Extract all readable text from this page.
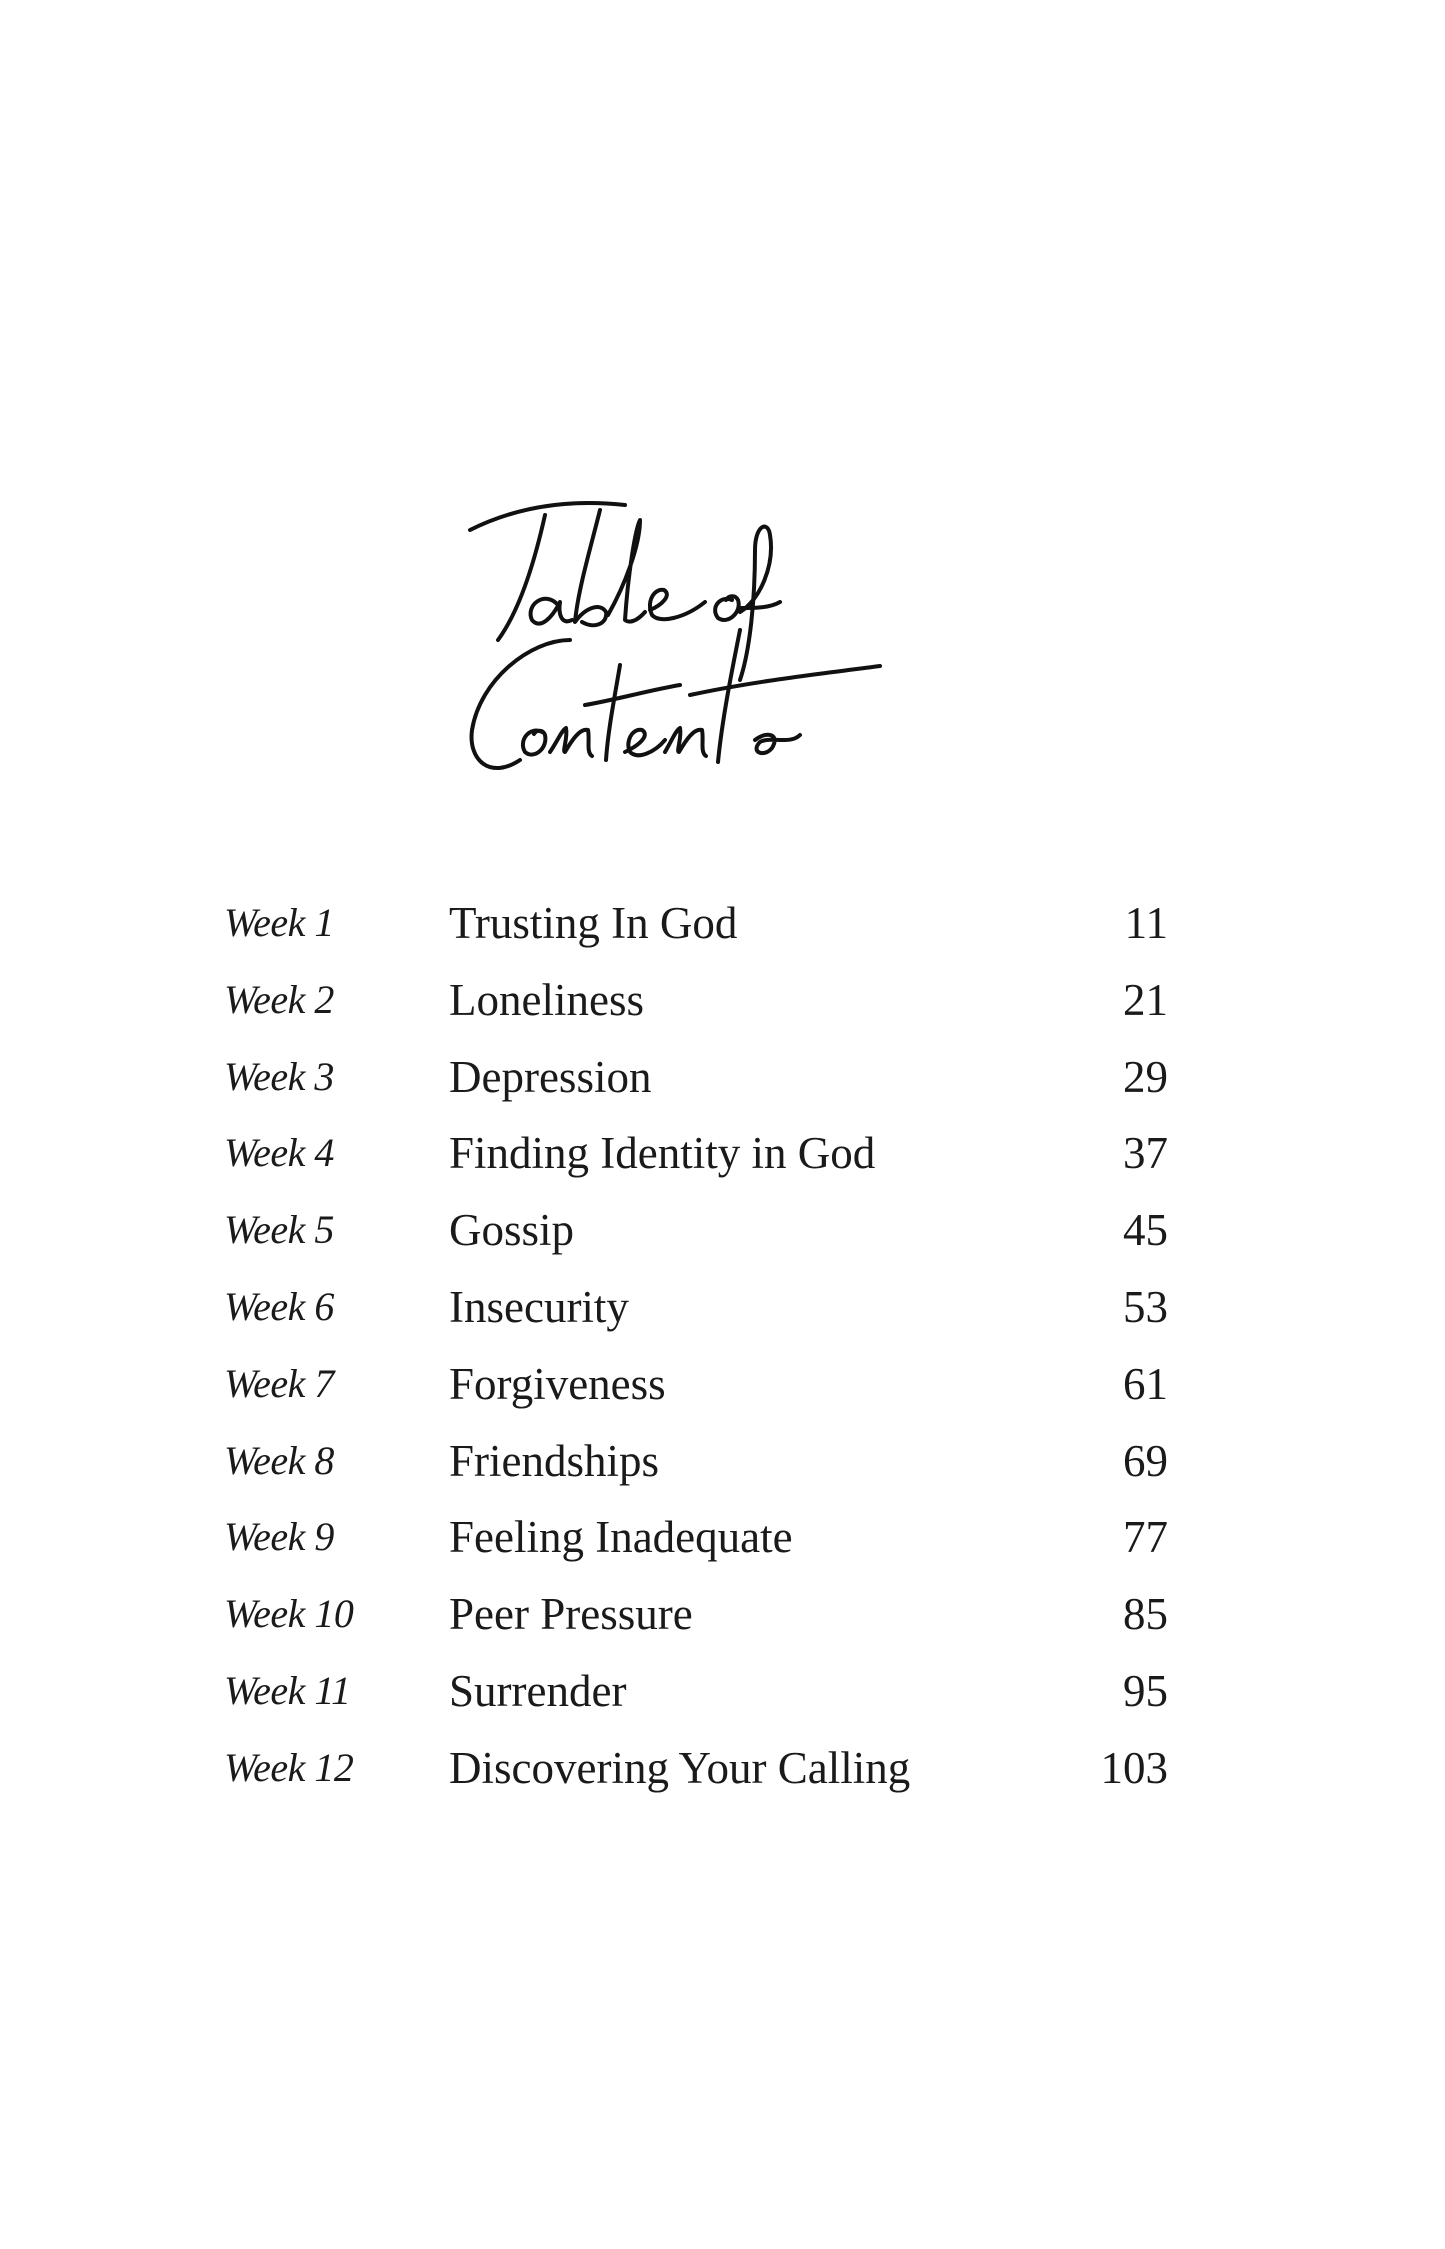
Week 1	Trusting In God	11
Week 2	Loneliness	21
Week 3	Depression	29
Week 4	Finding Identity in God	37
Week 5	Gossip	45
Week 6	Insecurity	53
Week 7	Forgiveness	61
Week 8	Friendships	69
Week 9	Feeling Inadequate	77
Week 10 Peer Pressure	85
Week 11 Surrender	95
Week 12 Discovering Your Calling	103
